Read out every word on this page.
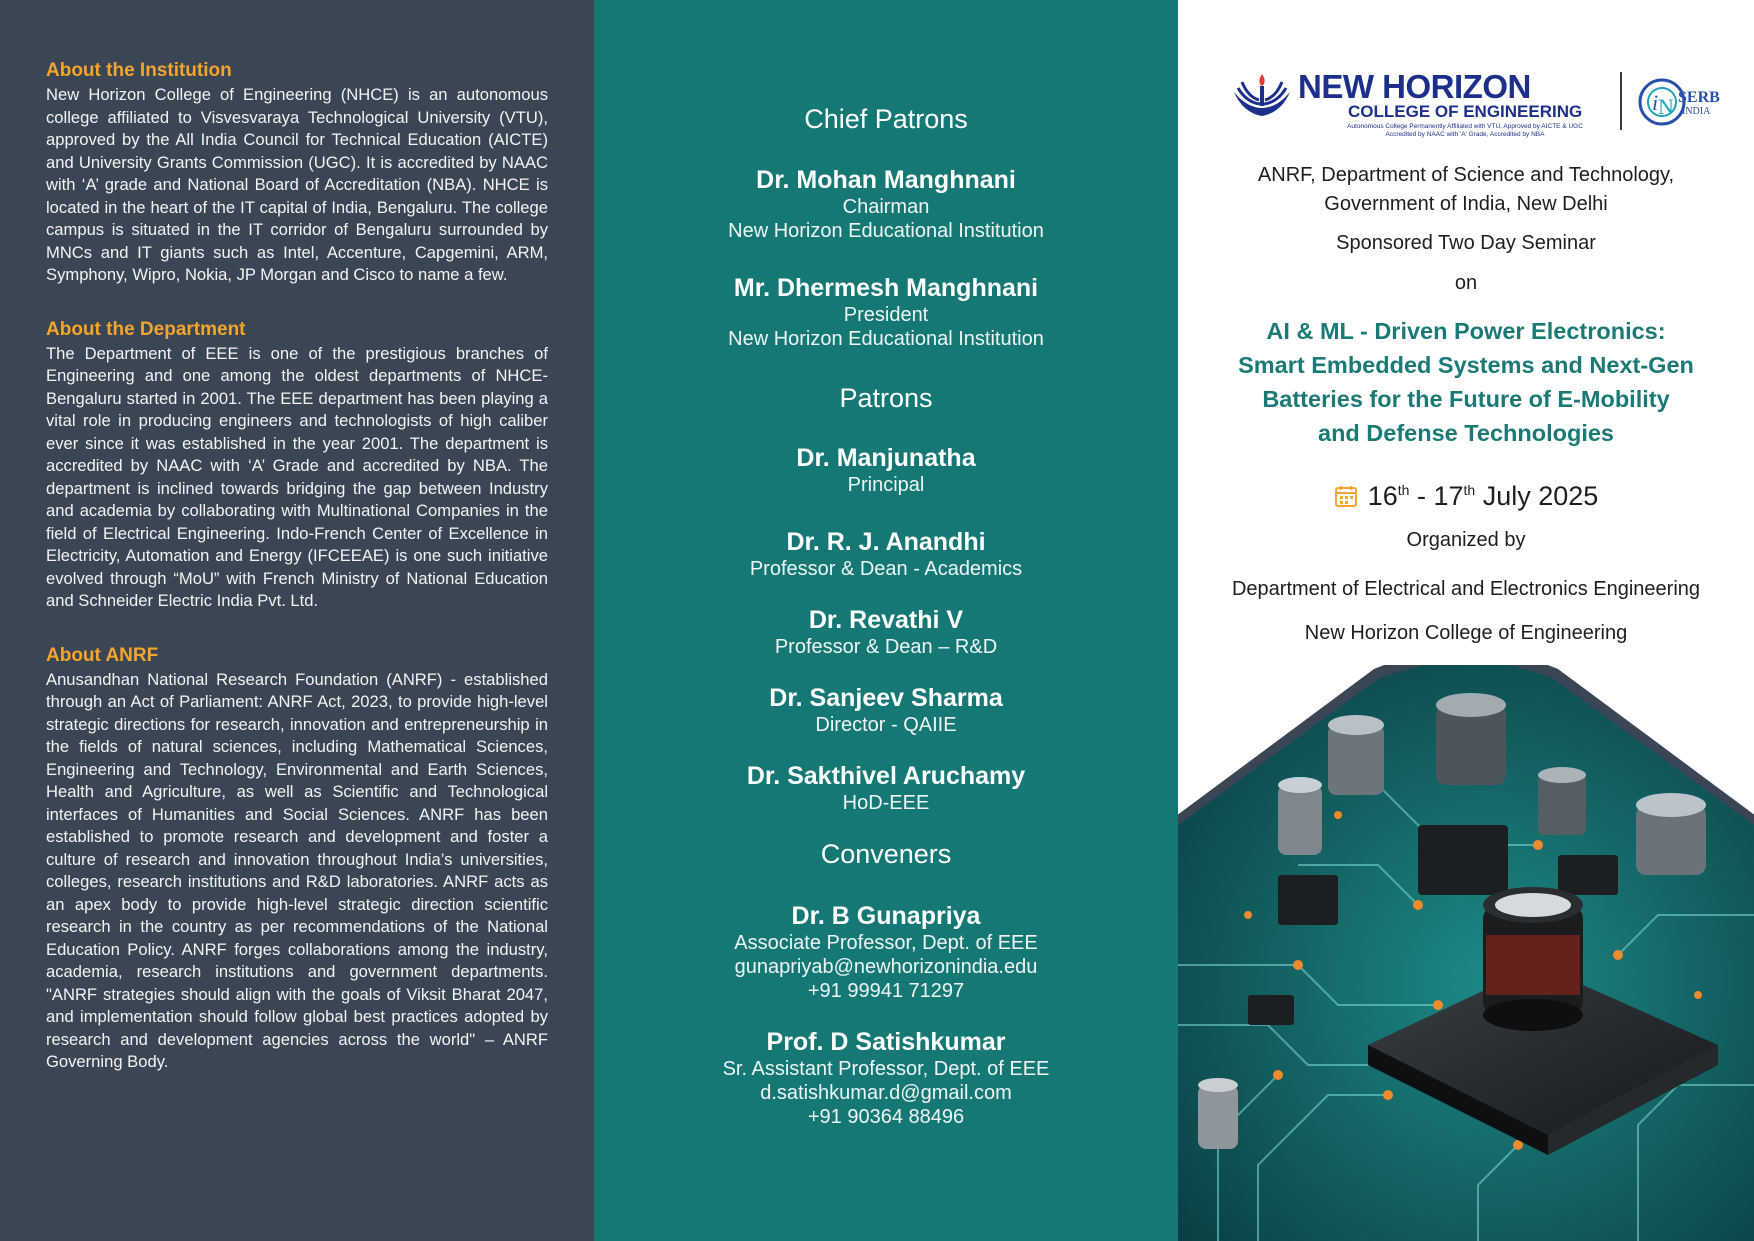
About the Institution

New Horizon College of Engineering (NHCE) is an autonomous college affiliated to Visvesvaraya Technological University (VTU), approved by the All India Council for Technical Education (AICTE) and University Grants Commission (UGC). It is accredited by NAAC with ‘A’ grade and National Board of Accreditation (NBA). NHCE is located in the heart of the IT capital of India, Bengaluru. The college campus is situated in the IT corridor of Bengaluru surrounded by MNCs and IT giants such as Intel, Accenture, Capgemini, ARM, Symphony, Wipro, Nokia, JP Morgan and Cisco to name a few.

About the Department

The Department of EEE is one of the prestigious branches of Engineering and one among the oldest departments of NHCE-Bengaluru started in 2001. The EEE department has been playing a vital role in producing engineers and technologists of high caliber ever since it was established in the year 2001. The department is accredited by NAAC with ‘A’ Grade and accredited by NBA. The department is inclined towards bridging the gap between Industry and academia by collaborating with Multinational Companies in the field of Electrical Engineering. Indo-French Center of Excellence in Electricity, Automation and Energy (IFCEEAE) is one such initiative evolved through “MoU” with French Ministry of National Education and Schneider Electric India Pvt. Ltd.

About ANRF

Anusandhan National Research Foundation (ANRF) - established through an Act of Parliament: ANRF Act, 2023, to provide high-level strategic directions for research, innovation and entrepreneurship in the fields of natural sciences, including Mathematical Sciences, Engineering and Technology, Environmental and Earth Sciences, Health and Agriculture, as well as Scientific and Technological interfaces of Humanities and Social Sciences. ANRF has been established to promote research and development and foster a culture of research and innovation throughout India’s universities, colleges, research institutions and R&D laboratories. ANRF acts as an apex body to provide high-level strategic direction scientific research in the country as per recommendations of the National Education Policy. ANRF forges collaborations among the industry, academia, research institutions and government departments. "ANRF strategies should align with the goals of Viksit Bharat 2047, and implementation should follow global best practices adopted by research and development agencies across the world" – ANRF Governing Body.

Chief Patrons
Dr. Mohan Manghnani
Chairman
New Horizon Educational Institution
Mr. Dhermesh Manghnani
President
New Horizon Educational Institution
Patrons
Dr. Manjunatha
Principal
Dr. R. J. Anandhi
Professor & Dean - Academics
Dr. Revathi V
Professor & Dean – R&D
Dr. Sanjeev Sharma
Director - QAIIE
Dr. Sakthivel Aruchamy
HoD-EEE
Conveners
Dr. B Gunapriya
Associate Professor, Dept. of EEE
gunapriyab@newhorizonindia.edu
+91 99941 71297
Prof. D Satishkumar
Sr. Assistant Professor, Dept. of EEE
d.satishkumar.d@gmail.com
+91 90364 88496
NEW HORIZON
COLLEGE OF ENGINEERING
Autonomous College Permanently Affiliated with VTU, Approved by AICTE & UGC
Accredited by NAAC with 'A' Grade, Accredited by NBA
i N SERB
INDIA
ANRF, Department of Science and Technology,
Government of India, New Delhi
Sponsored Two Day Seminar
on
AI & ML - Driven Power Electronics:
Smart Embedded Systems and Next-Gen
Batteries for the Future of E-Mobility
and Defense Technologies
16th - 17th July 2025
Organized by
Department of Electrical and Electronics Engineering
New Horizon College of Engineering
